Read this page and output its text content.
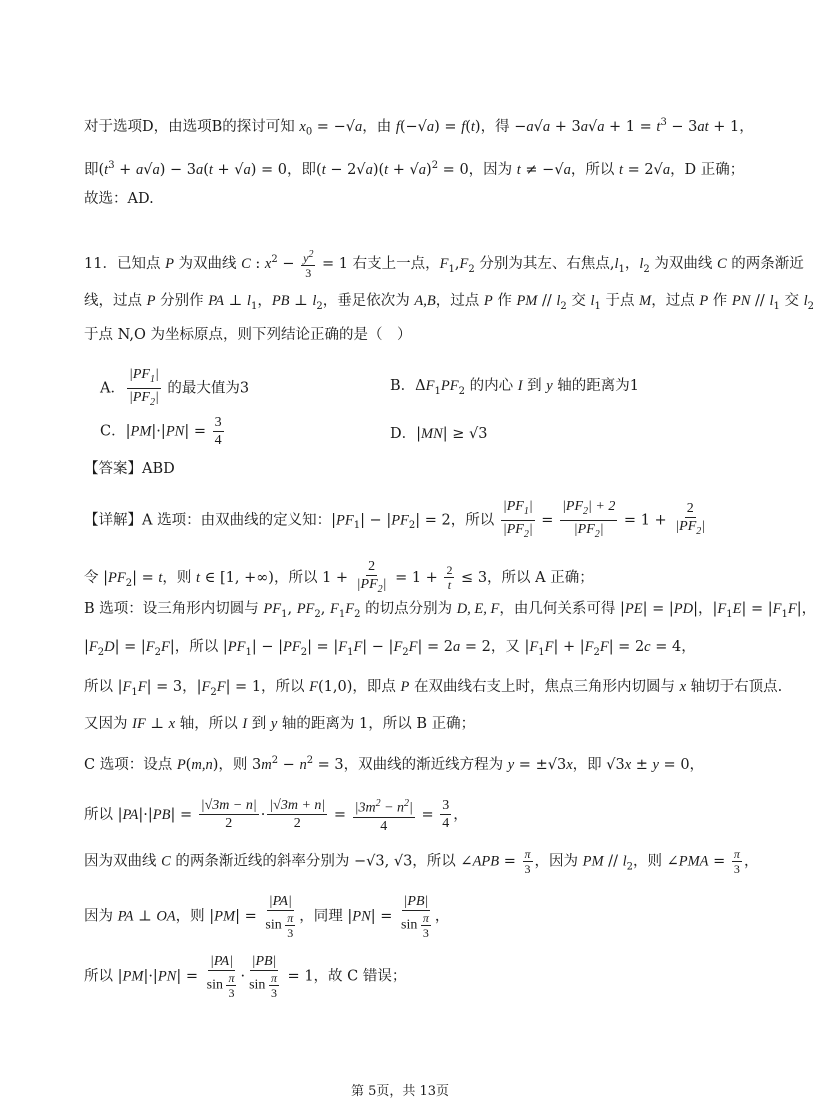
对于选项D，由选项B的探讨可知 $x_0 = -√a$，由 f(−√a) = f(t)，得 $-a√a + 3a√a + 1 = t^3 - 3at + 1$，
即$(t^3 + a√a) - 3a(t + √a) = 0$，即$(t - 2√a)(t + √a)^2 = 0$，因为 t ≠ −√a，所以 t = 2√a，D 正确；
故选：AD.
11．已知点 P 为双曲线 C : $x^2 - \frac{y^2}{3} = 1$ 右支上一点，$F_1,F_2$ 分别为其左、右焦点$,l_1$，$l_2$ 为双曲线 C 的两条渐近
线，过点 P 分别作 PA ⊥ $l_1$，PB ⊥ $l_2$，垂足依次为 A,B，过点 P 作 PM // $l_2$ 交 $l_1$ 于点 M，过点 P 作 PN // $l_1$ 交 $l_2$
于点 N,O 为坐标原点，则下列结论正确的是（　）
A． $\frac{|PF_1|}{|PF_2|}$ 的最大值为3	B．$\Delta F_1PF_2$ 的内心 I 到 y 轴的距离为1
C．$|PM|\cdot|PN| = \frac{3}{4}$	D．|MN| ≥ √3
【答案】ABD
【详解】A 选项：由双曲线的定义知：$|PF_1| - |PF_2| = 2$，所以 $\frac{|PF_1|}{|PF_2|} = \frac{|PF_2| + 2}{|PF_2|} = 1 + \frac{2}{|PF_2|}$
令 $|PF_2| = t$，则 t ∈ [1, +∞)，所以 $1 + \frac{2}{|PF_2|} = 1 + \frac{2}{t} \le 3$，所以 A 正确；
B 选项：设三角形内切圆与 $PF_1$, $PF_2$, $F_1F_2$ 的切点分别为 D, E, F，由几何关系可得 |PE| = |PD|，$|F_1E| = |F_1F|$，
$|F_2D| = |F_2F|$，所以 $|PF_1| - |PF_2| = |F_1F| - |F_2F| = 2a = 2$，又 $|F_1F| + |F_2F| = 2c = 4$，
所以 $|F_1F| = 3$，$|F_2F| = 1$，所以 F(1,0)，即点 P 在双曲线右支上时，焦点三角形内切圆与 x 轴切于右顶点.
又因为 IF ⊥ x 轴，所以 I 到 y 轴的距离为 1，所以 B 正确；
C 选项：设点 P(m,n)，则 $3m^2 - n^2 = 3$，双曲线的渐近线方程为 y = ±√3x，即 √3x ± y = 0，
所以 $|PA|\cdot|PB| = \frac{|√3m - n|}{2} \cdot \frac{|√3m + n|}{2} = \frac{|3m^2 - n^2|}{4} = \frac{3}{4}$ ，
因为双曲线 C 的两条渐近线的斜率分别为 −√3, √3，所以 ∠APB = $\frac{\pi}{3}$ ，因为 PM // $l_2$，则 ∠PMA = $\frac{\pi}{3}$ ，
因为 PA ⊥ OA，则 $|PM| = \frac{|PA|}{\sin \frac{\pi}{3}}$ ，同理 $|PN| = \frac{|PB|}{\sin \frac{\pi}{3}}$ ，
所以 $|PM|\cdot|PN| = \frac{|PA|}{\sin \frac{\pi}{3}} \cdot \frac{|PB|}{\sin \frac{\pi}{3}} = 1$，故 C 错误；
第 5页，共 13页
